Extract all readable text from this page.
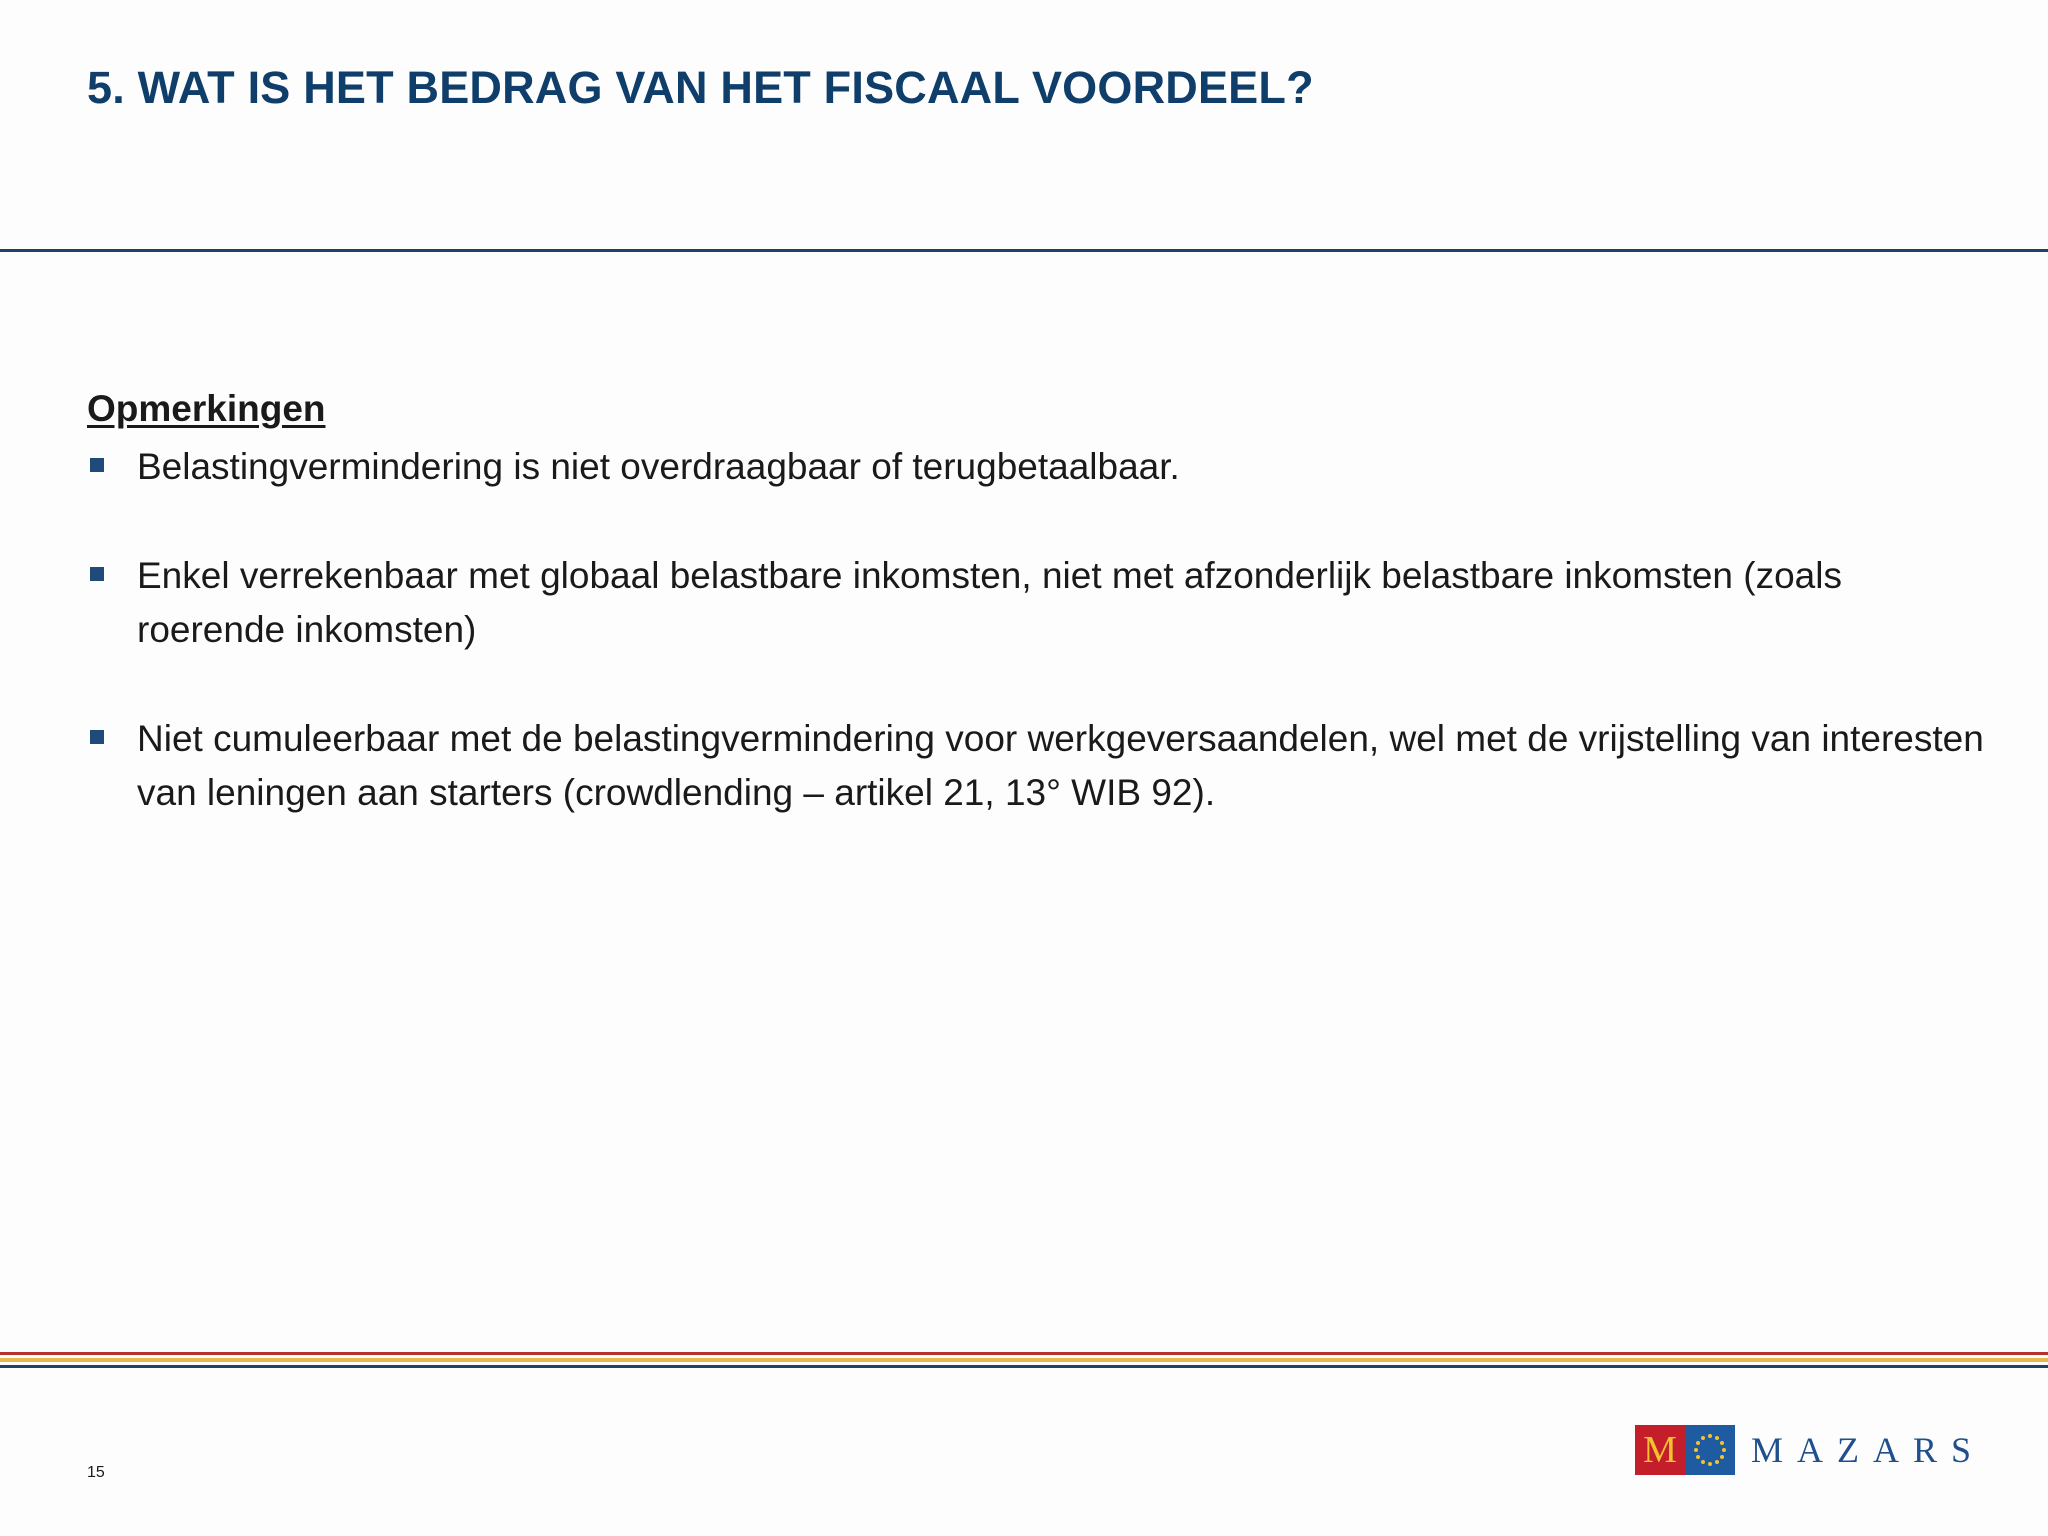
5. WAT IS HET BEDRAG VAN HET FISCAAL VOORDEEL?
Opmerkingen
Belastingvermindering is niet overdraagbaar of terugbetaalbaar.
Enkel verrekenbaar met globaal belastbare inkomsten, niet met afzonderlijk belastbare inkomsten (zoals roerende inkomsten)
Niet cumuleerbaar met de belastingvermindering voor werkgeversaandelen, wel met de vrijstelling van interesten van leningen aan starters (crowdlending – artikel 21, 13° WIB 92).
15
M MAZARS
